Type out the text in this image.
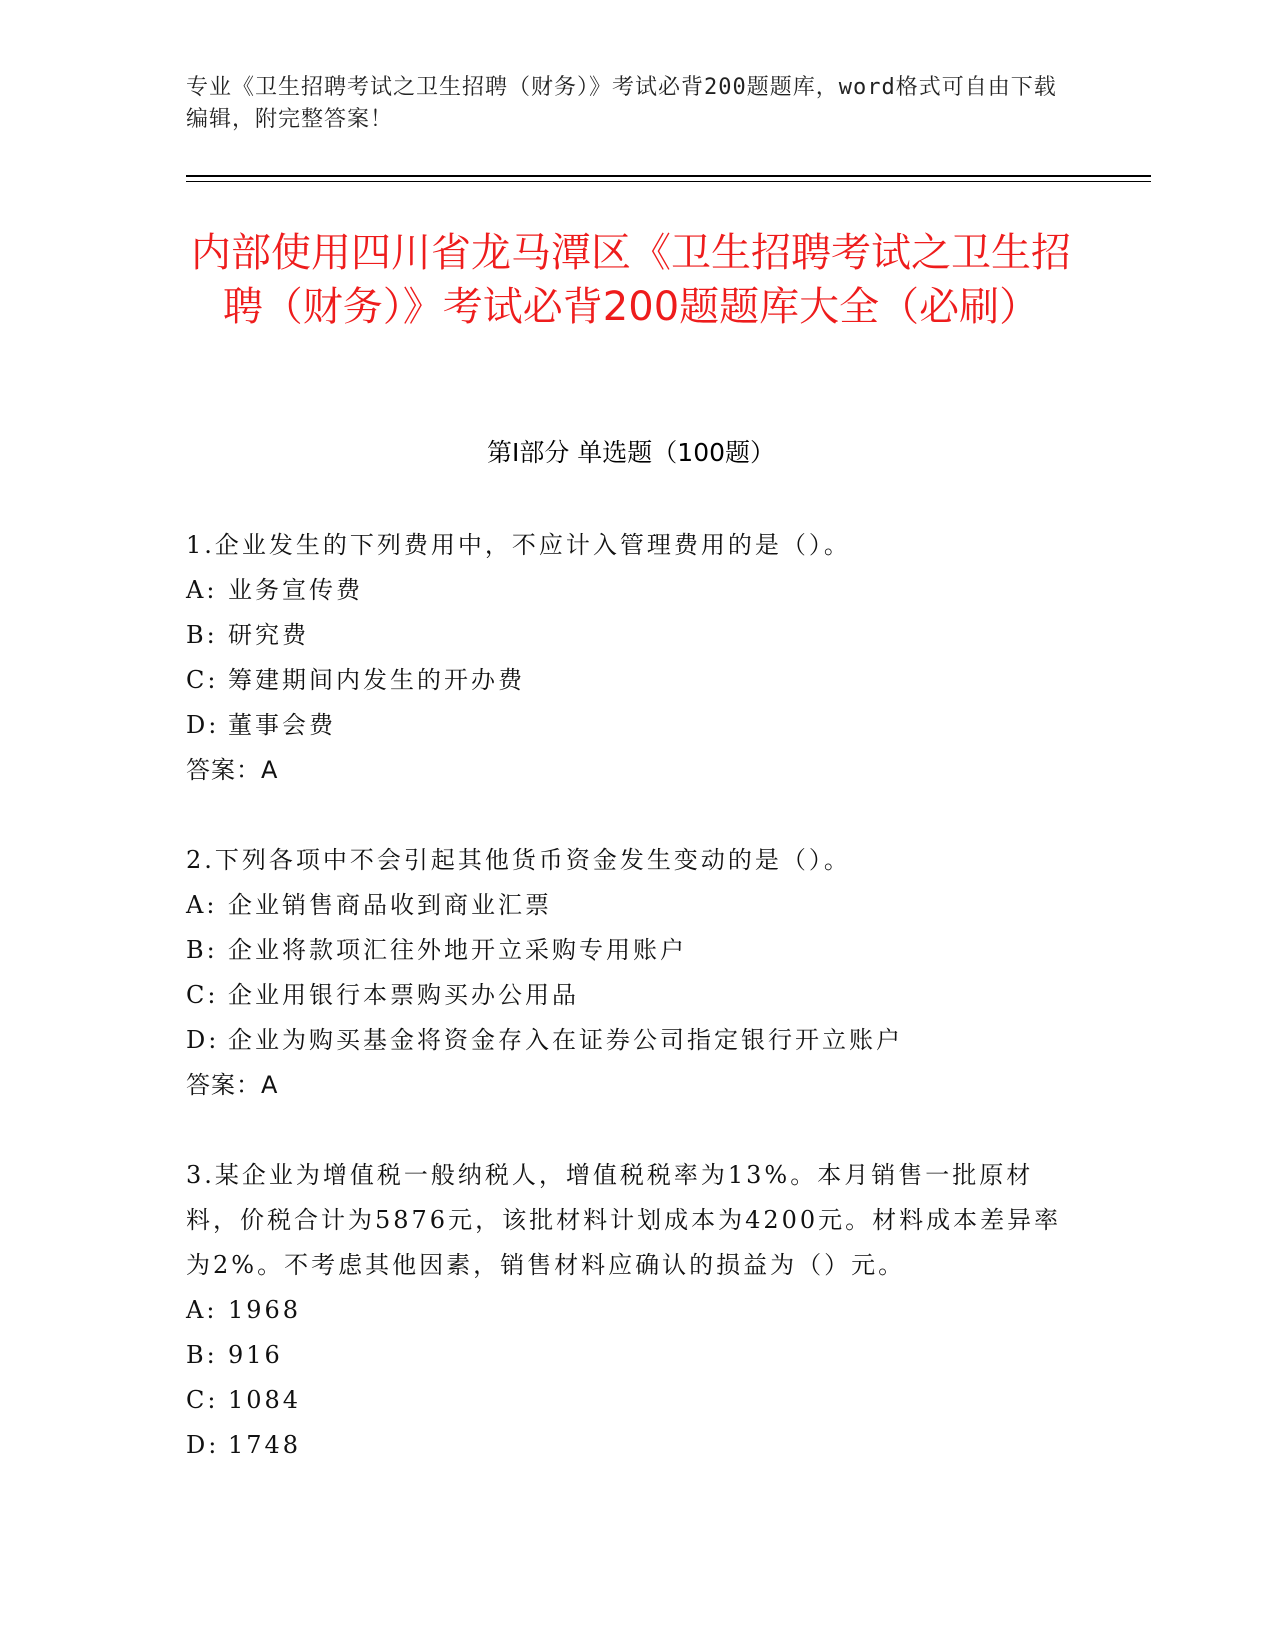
专业《卫生招聘考试之卫生招聘（财务）》考试必背200题题库，word格式可自由下载编辑，附完整答案！
内部使用四川省龙马潭区《卫生招聘考试之卫生招聘（财务）》考试必背200题题库大全（必刷）
第I部分 单选题（100题）
1.企业发生的下列费用中，不应计入管理费用的是（）。
A: 业务宣传费
B: 研究费
C: 筹建期间内发生的开办费
D: 董事会费
答案：A
2.下列各项中不会引起其他货币资金发生变动的是（）。
A: 企业销售商品收到商业汇票
B: 企业将款项汇往外地开立采购专用账户
C: 企业用银行本票购买办公用品
D: 企业为购买基金将资金存入在证券公司指定银行开立账户
答案：A
3.某企业为增值税一般纳税人，增值税税率为13%。本月销售一批原材料，价税合计为5876元，该批材料计划成本为4200元。材料成本差异率为2%。不考虑其他因素，销售材料应确认的损益为（）元。
A: 1968
B: 916
C: 1084
D: 1748
